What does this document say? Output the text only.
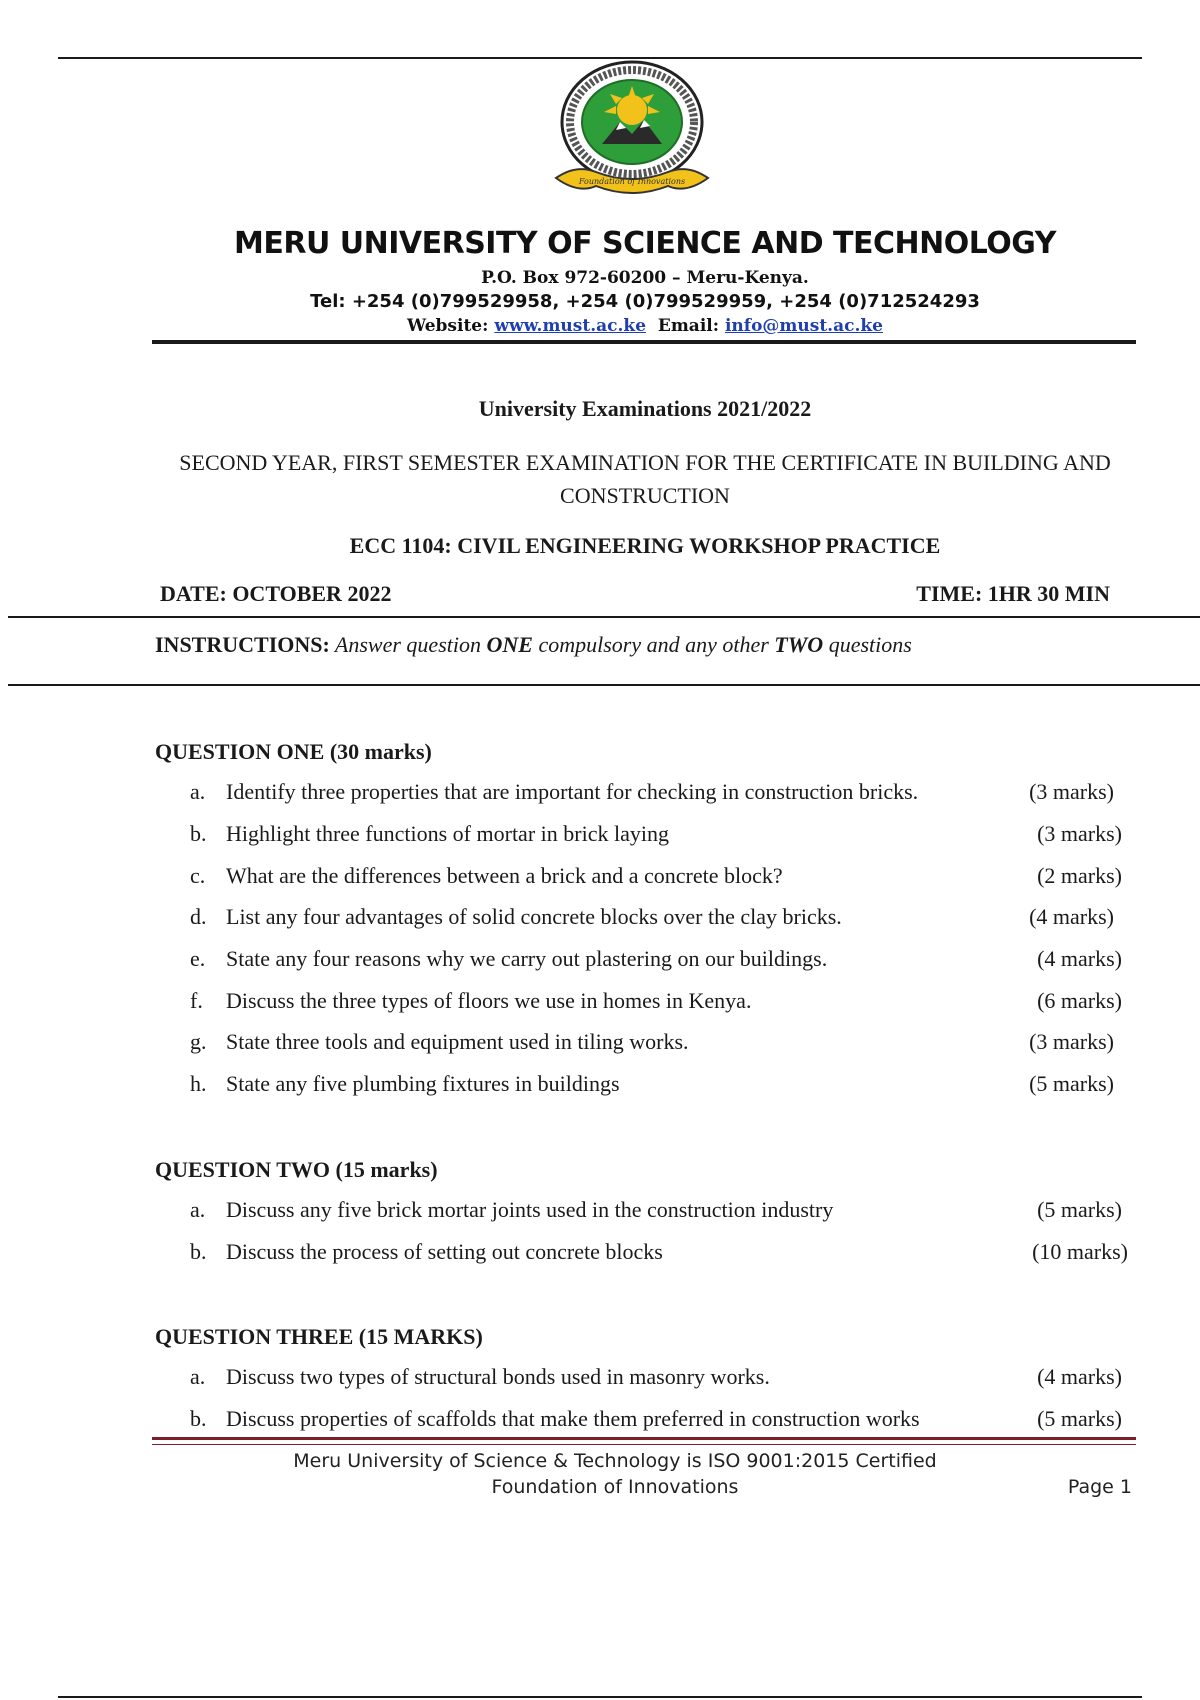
Foundation of Innovations
MERU UNIVERSITY OF SCIENCE AND TECHNOLOGY
P.O. Box 972-60200 – Meru-Kenya.
Tel: +254 (0)799529958, +254 (0)799529959, +254 (0)712524293
Website: www.must.ac.ke Email: info@must.ac.ke
University Examinations 2021/2022
SECOND YEAR, FIRST SEMESTER EXAMINATION FOR THE CERTIFICATE IN BUILDING AND CONSTRUCTION
ECC 1104: CIVIL ENGINEERING WORKSHOP PRACTICE
DATE: OCTOBER 2022	TIME: 1HR 30 MIN
INSTRUCTIONS: Answer question ONE compulsory and any other TWO questions
QUESTION ONE (30 marks)
a. Identify three properties that are important for checking in construction bricks.	(3 marks)
b. Highlight three functions of mortar in brick laying	(3 marks)
c. What are the differences between a brick and a concrete block?	(2 marks)
d. List any four advantages of solid concrete blocks over the clay bricks.	(4 marks)
e. State any four reasons why we carry out plastering on our buildings.	(4 marks)
f. Discuss the three types of floors we use in homes in Kenya.	(6 marks)
g. State three tools and equipment used in tiling works.	(3 marks)
h. State any five plumbing fixtures in buildings	(5 marks)
QUESTION TWO (15 marks)
a. Discuss any five brick mortar joints used in the construction industry	(5 marks)
b. Discuss the process of setting out concrete blocks	(10 marks)
QUESTION THREE (15 MARKS)
a. Discuss two types of structural bonds used in masonry works.	(4 marks)
b. Discuss properties of scaffolds that make them preferred in construction works	(5 marks)
Meru University of Science & Technology is ISO 9001:2015 Certified
Foundation of Innovations	Page 1
